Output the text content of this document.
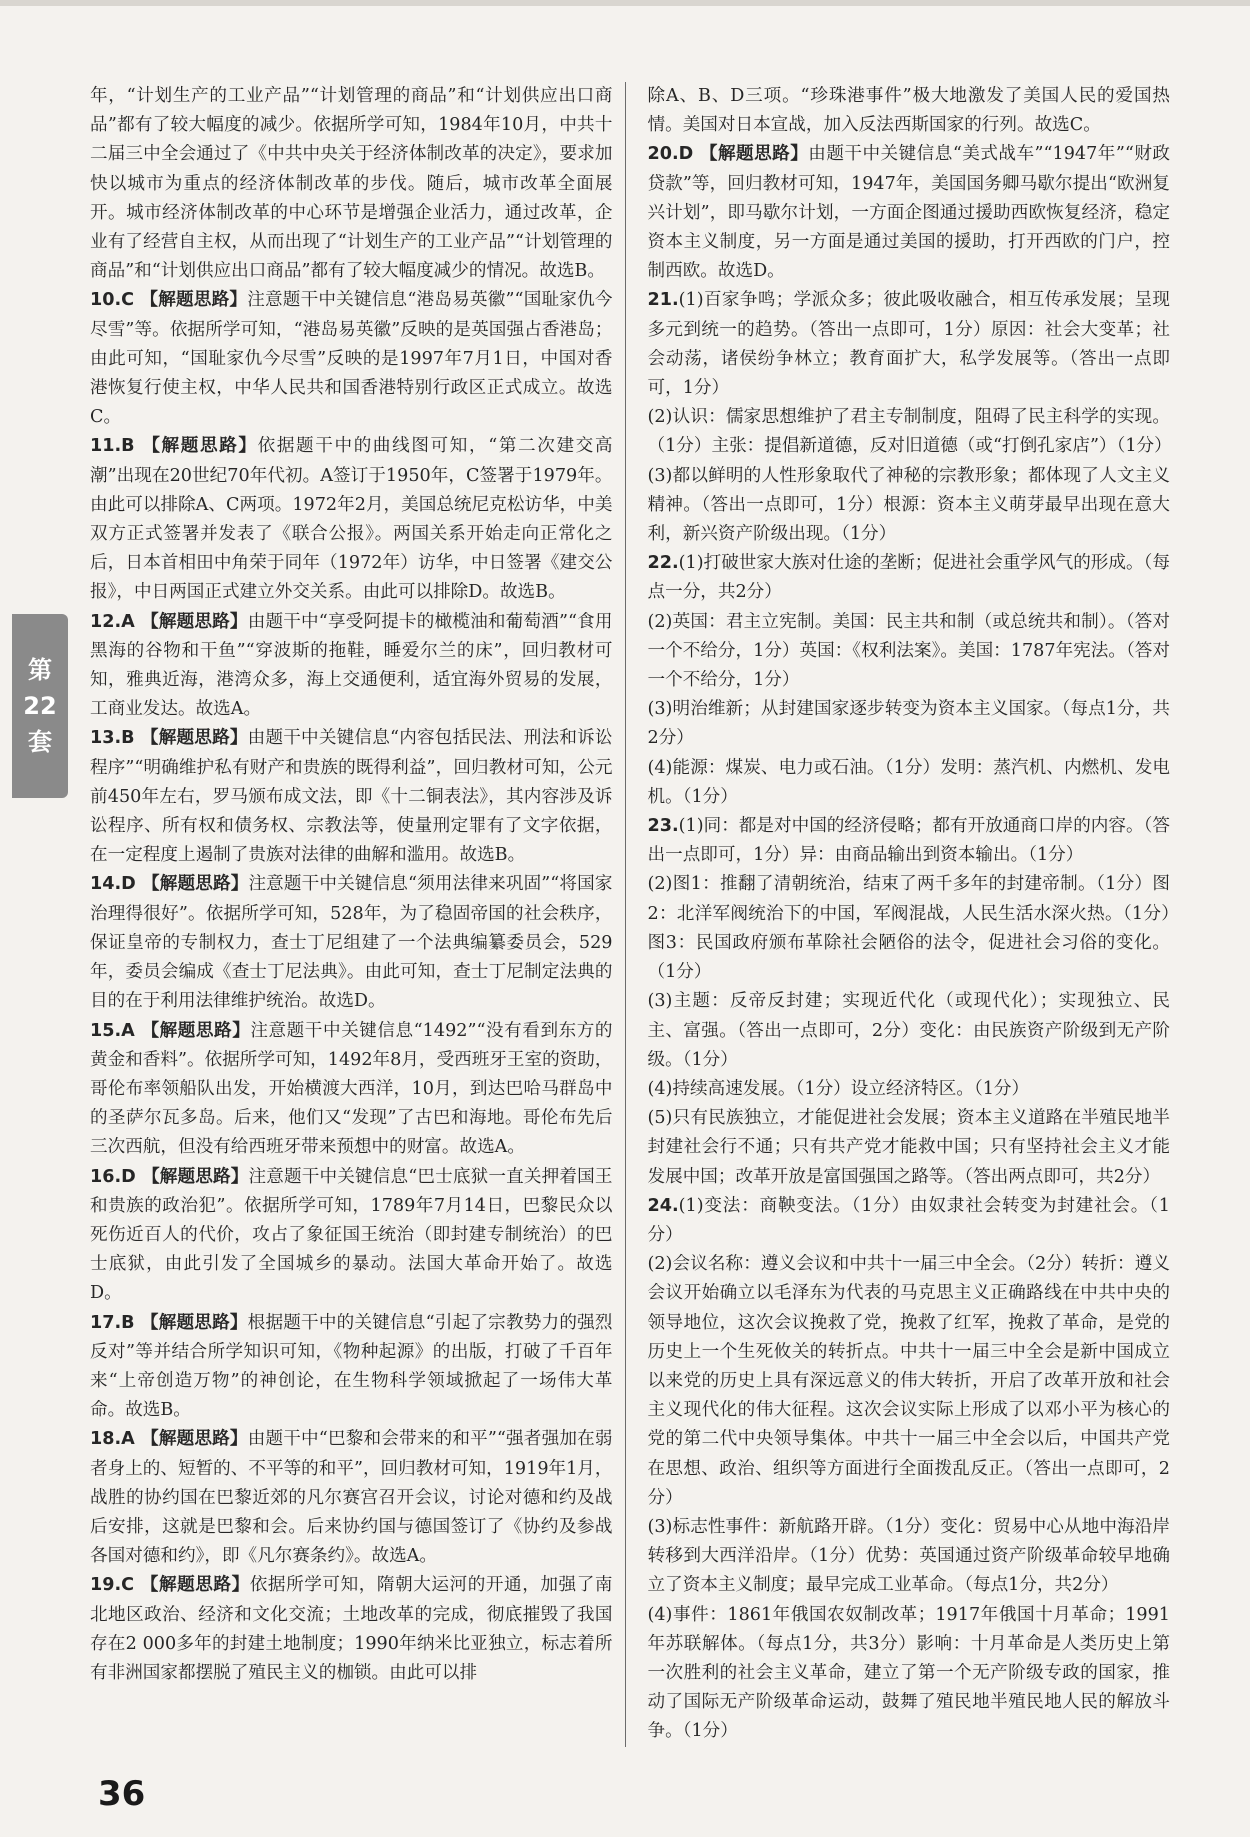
第
22
套

年，“计划生产的工业产品”“计划管理的商品”和“计划供应出口商品”都有了较大幅度的减少。依据所学可知，1984年10月，中共十二届三中全会通过了《中共中央关于经济体制改革的决定》，要求加快以城市为重点的经济体制改革的步伐。随后，城市改革全面展开。城市经济体制改革的中心环节是增强企业活力，通过改革，企业有了经营自主权，从而出现了“计划生产的工业产品”“计划管理的商品”和“计划供应出口商品”都有了较大幅度减少的情况。故选B。

10.C 【解题思路】注意题干中关键信息“港岛易英徽”“国耻家仇今尽雪”等。依据所学可知，“港岛易英徽”反映的是英国强占香港岛；由此可知，“国耻家仇今尽雪”反映的是1997年7月1日，中国对香港恢复行使主权，中华人民共和国香港特别行政区正式成立。故选C。

11.B 【解题思路】依据题干中的曲线图可知，“第二次建交高潮”出现在20世纪70年代初。A签订于1950年，C签署于1979年。由此可以排除A、C两项。1972年2月，美国总统尼克松访华，中美双方正式签署并发表了《联合公报》。两国关系开始走向正常化之后，日本首相田中角荣于同年（1972年）访华，中日签署《建交公报》，中日两国正式建立外交关系。由此可以排除D。故选B。

12.A 【解题思路】由题干中“享受阿提卡的橄榄油和葡萄酒”“食用黑海的谷物和干鱼”“穿波斯的拖鞋，睡爱尔兰的床”，回归教材可知，雅典近海，港湾众多，海上交通便利，适宜海外贸易的发展，工商业发达。故选A。

13.B 【解题思路】由题干中关键信息“内容包括民法、刑法和诉讼程序”“明确维护私有财产和贵族的既得利益”，回归教材可知，公元前450年左右，罗马颁布成文法，即《十二铜表法》，其内容涉及诉讼程序、所有权和债务权、宗教法等，使量刑定罪有了文字依据，在一定程度上遏制了贵族对法律的曲解和滥用。故选B。

14.D 【解题思路】注意题干中关键信息“须用法律来巩固”“将国家治理得很好”。依据所学可知，528年，为了稳固帝国的社会秩序，保证皇帝的专制权力，查士丁尼组建了一个法典编纂委员会，529年，委员会编成《查士丁尼法典》。由此可知，查士丁尼制定法典的目的在于利用法律维护统治。故选D。

15.A 【解题思路】注意题干中关键信息“1492”“没有看到东方的黄金和香料”。依据所学可知，1492年8月，受西班牙王室的资助，哥伦布率领船队出发，开始横渡大西洋，10月，到达巴哈马群岛中的圣萨尔瓦多岛。后来，他们又“发现”了古巴和海地。哥伦布先后三次西航，但没有给西班牙带来预想中的财富。故选A。

16.D 【解题思路】注意题干中关键信息“巴士底狱一直关押着国王和贵族的政治犯”。依据所学可知，1789年7月14日，巴黎民众以死伤近百人的代价，攻占了象征国王统治（即封建专制统治）的巴士底狱，由此引发了全国城乡的暴动。法国大革命开始了。故选D。

17.B 【解题思路】根据题干中的关键信息“引起了宗教势力的强烈反对”等并结合所学知识可知，《物种起源》的出版，打破了千百年来“上帝创造万物”的神创论，在生物科学领域掀起了一场伟大革命。故选B。

18.A 【解题思路】由题干中“巴黎和会带来的和平”“强者强加在弱者身上的、短暂的、不平等的和平”，回归教材可知，1919年1月，战胜的协约国在巴黎近郊的凡尔赛宫召开会议，讨论对德和约及战后安排，这就是巴黎和会。后来协约国与德国签订了《协约及参战各国对德和约》，即《凡尔赛条约》。故选A。

19.C 【解题思路】依据所学可知，隋朝大运河的开通，加强了南北地区政治、经济和文化交流；土地改革的完成，彻底摧毁了我国存在2 000多年的封建土地制度；1990年纳米比亚独立，标志着所有非洲国家都摆脱了殖民主义的枷锁。由此可以排

除A、B、D三项。“珍珠港事件”极大地激发了美国人民的爱国热情。美国对日本宣战，加入反法西斯国家的行列。故选C。

20.D 【解题思路】由题干中关键信息“美式战车”“1947年”“财政贷款”等，回归教材可知，1947年，美国国务卿马歇尔提出“欧洲复兴计划”，即马歇尔计划，一方面企图通过援助西欧恢复经济，稳定资本主义制度，另一方面是通过美国的援助，打开西欧的门户，控制西欧。故选D。

21.(1)百家争鸣；学派众多；彼此吸收融合，相互传承发展；呈现多元到统一的趋势。（答出一点即可，1分）原因：社会大变革；社会动荡，诸侯纷争林立；教育面扩大，私学发展等。（答出一点即可，1分）

(2)认识：儒家思想维护了君主专制制度，阻碍了民主科学的实现。（1分）主张：提倡新道德，反对旧道德（或“打倒孔家店”）（1分）

(3)都以鲜明的人性形象取代了神秘的宗教形象；都体现了人文主义精神。（答出一点即可，1分）根源：资本主义萌芽最早出现在意大利，新兴资产阶级出现。（1分）

22.(1)打破世家大族对仕途的垄断；促进社会重学风气的形成。（每点一分，共2分）

(2)英国：君主立宪制。美国：民主共和制（或总统共和制）。（答对一个不给分，1分）英国：《权利法案》。美国：1787年宪法。（答对一个不给分，1分）

(3)明治维新；从封建国家逐步转变为资本主义国家。（每点1分，共2分）

(4)能源：煤炭、电力或石油。（1分）发明：蒸汽机、内燃机、发电机。（1分）

23.(1)同：都是对中国的经济侵略；都有开放通商口岸的内容。（答出一点即可，1分）异：由商品输出到资本输出。（1分）

(2)图1：推翻了清朝统治，结束了两千多年的封建帝制。（1分）图2：北洋军阀统治下的中国，军阀混战，人民生活水深火热。（1分）图3：民国政府颁布革除社会陋俗的法令，促进社会习俗的变化。（1分）

(3)主题：反帝反封建；实现近代化（或现代化）；实现独立、民主、富强。（答出一点即可，2分）变化：由民族资产阶级到无产阶级。（1分）

(4)持续高速发展。（1分）设立经济特区。（1分）

(5)只有民族独立，才能促进社会发展；资本主义道路在半殖民地半封建社会行不通；只有共产党才能救中国；只有坚持社会主义才能发展中国；改革开放是富国强国之路等。（答出两点即可，共2分）

24.(1)变法：商鞅变法。（1分）由奴隶社会转变为封建社会。（1分）

(2)会议名称：遵义会议和中共十一届三中全会。（2分）转折：遵义会议开始确立以毛泽东为代表的马克思主义正确路线在中共中央的领导地位，这次会议挽救了党，挽救了红军，挽救了革命，是党的历史上一个生死攸关的转折点。中共十一届三中全会是新中国成立以来党的历史上具有深远意义的伟大转折，开启了改革开放和社会主义现代化的伟大征程。这次会议实际上形成了以邓小平为核心的党的第二代中央领导集体。中共十一届三中全会以后，中国共产党在思想、政治、组织等方面进行全面拨乱反正。（答出一点即可，2分）

(3)标志性事件：新航路开辟。（1分）变化：贸易中心从地中海沿岸转移到大西洋沿岸。（1分）优势：英国通过资产阶级革命较早地确立了资本主义制度；最早完成工业革命。（每点1分，共2分）

(4)事件：1861年俄国农奴制改革；1917年俄国十月革命；1991年苏联解体。（每点1分，共3分）影响：十月革命是人类历史上第一次胜利的社会主义革命，建立了第一个无产阶级专政的国家，推动了国际无产阶级革命运动，鼓舞了殖民地半殖民地人民的解放斗争。（1分）

36
